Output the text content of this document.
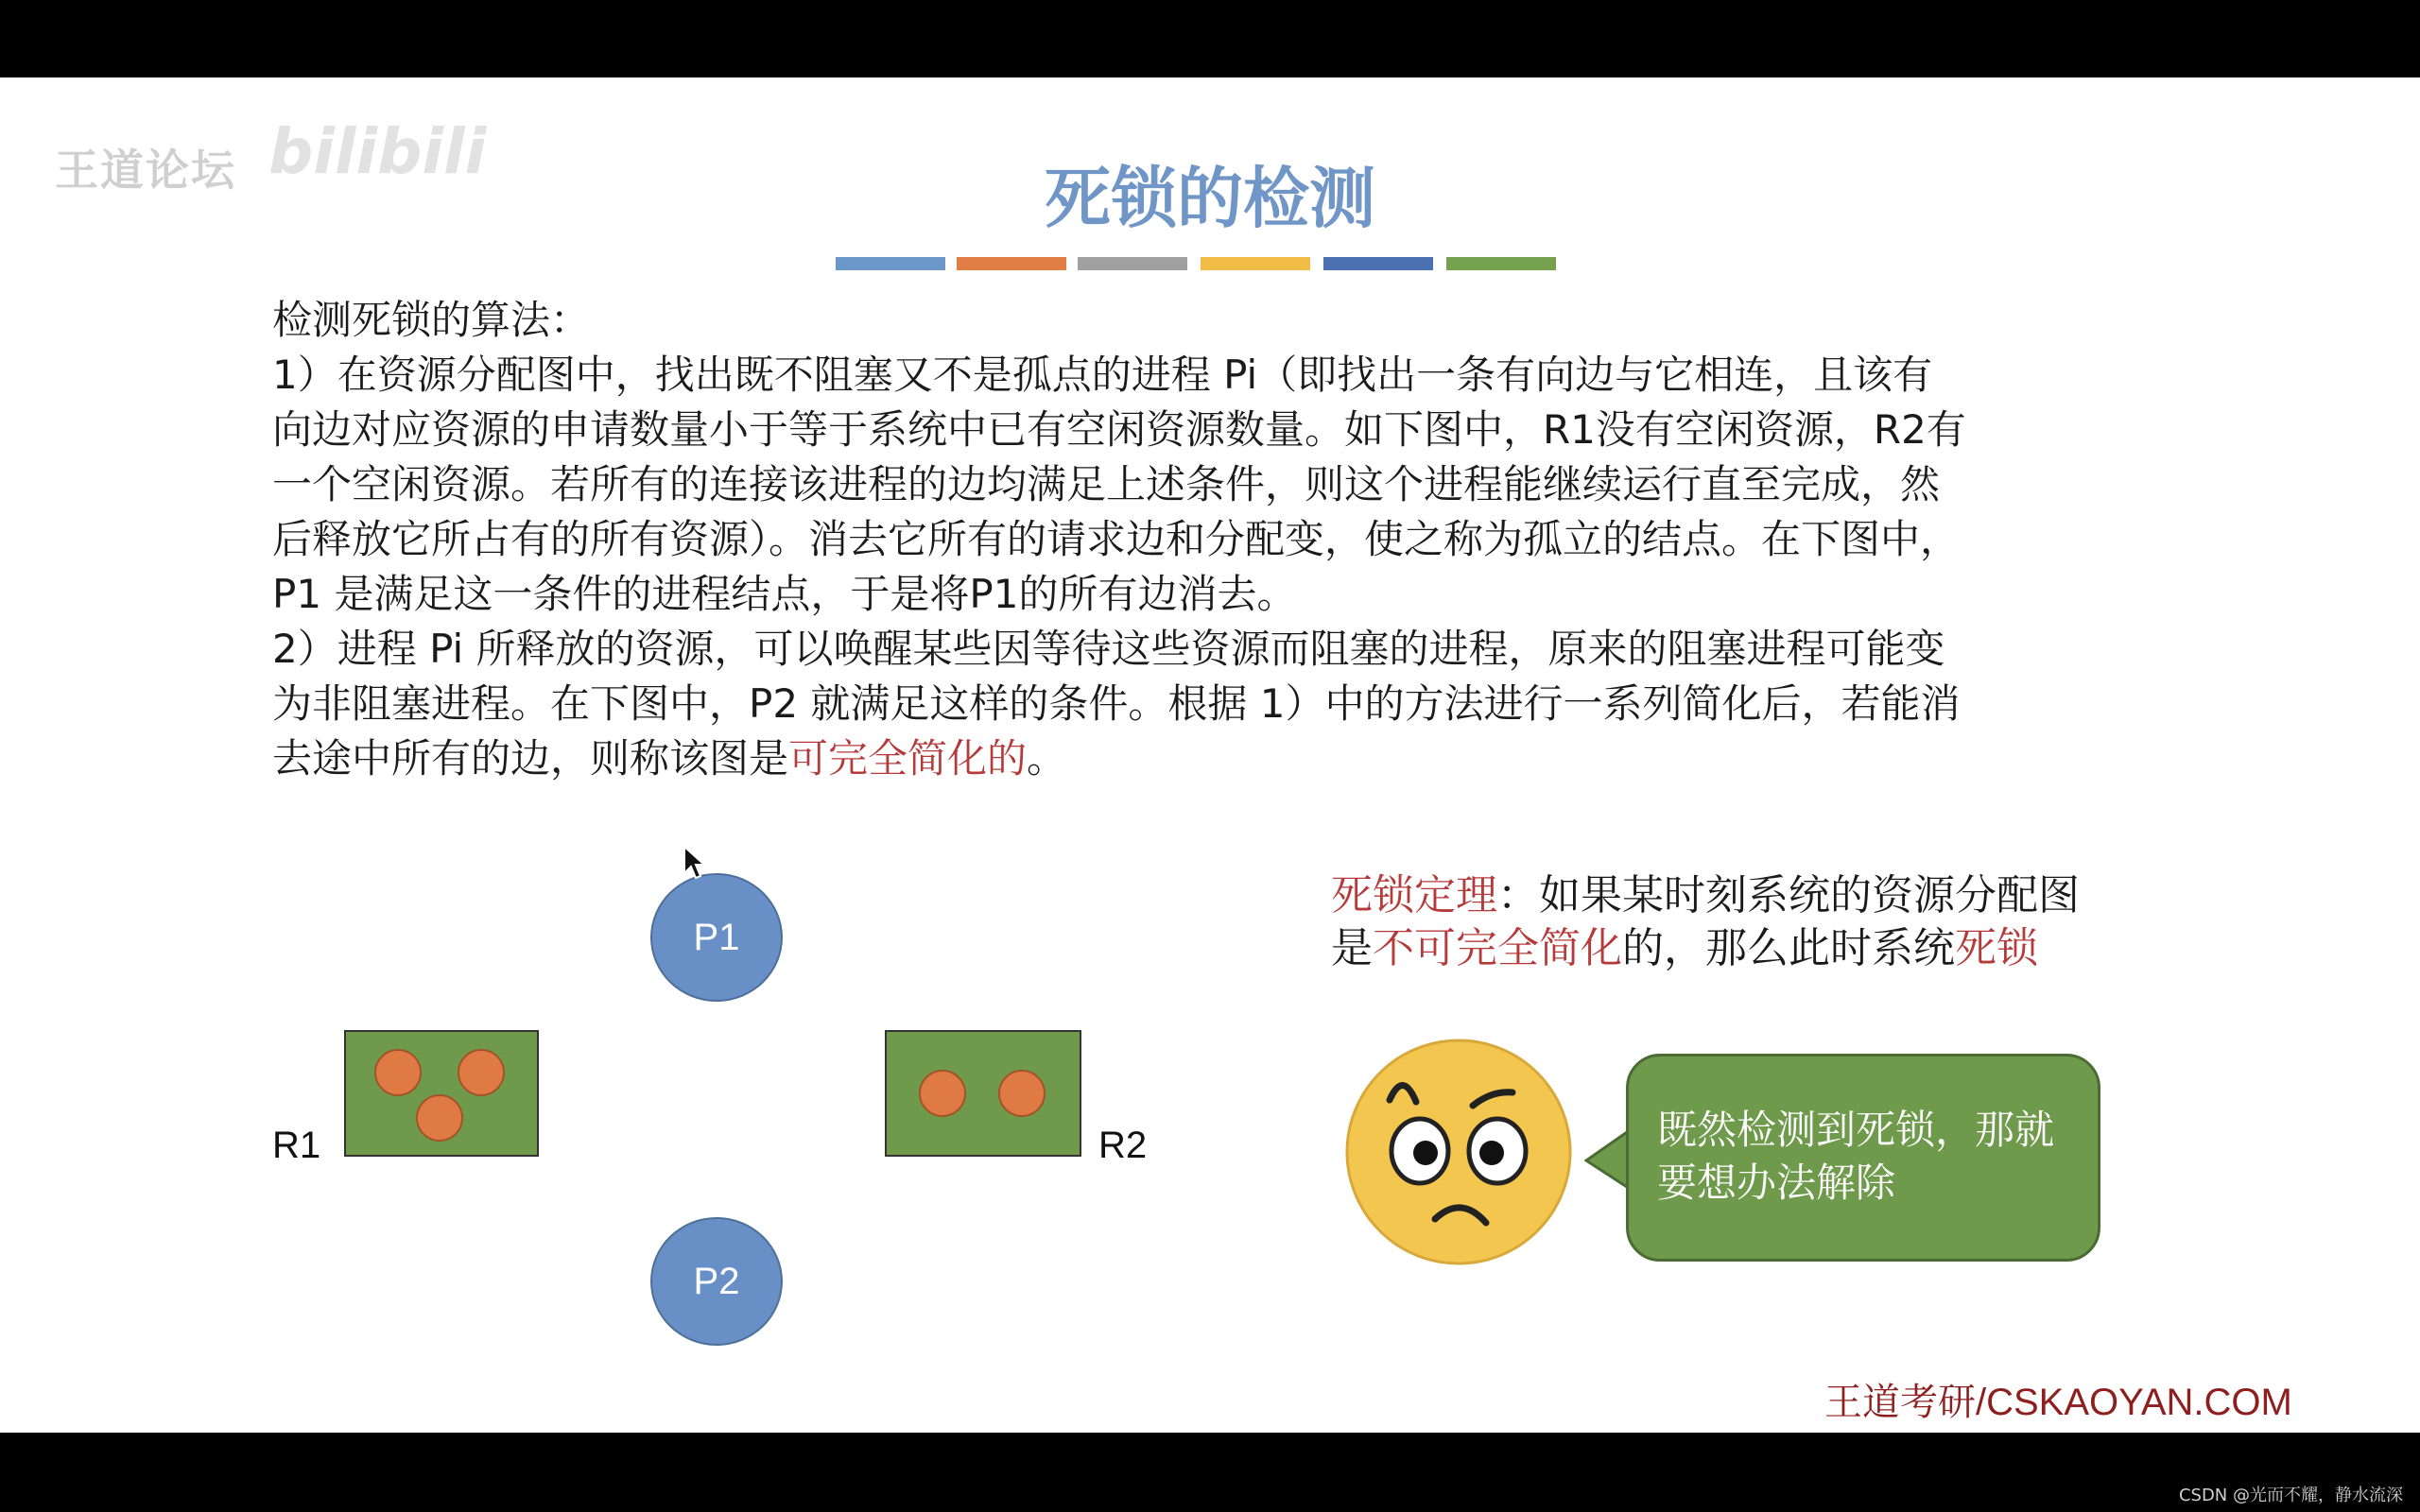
王道论坛 bilibili
死锁的检测

检测死锁的算法：

1）在资源分配图中，找出既不阻塞又不是孤点的进程 Pi（即找出一条有向边与它相连，且该有

向边对应资源的申请数量小于等于系统中已有空闲资源数量。如下图中，R1没有空闲资源，R2有

一个空闲资源。若所有的连接该进程的边均满足上述条件，则这个进程能继续运行直至完成，然

后释放它所占有的所有资源）。消去它所有的请求边和分配变，使之称为孤立的结点。在下图中，

P1 是满足这一条件的进程结点，于是将P1的所有边消去。

2）进程 Pi 所释放的资源，可以唤醒某些因等待这些资源而阻塞的进程，原来的阻塞进程可能变

为非阻塞进程。在下图中，P2 就满足这样的条件。根据 1）中的方法进行一系列简化后，若能消

去途中所有的边，则称该图是可完全简化的。

P1
P2
R1	R2

死锁定理：如果某时刻系统的资源分配图

是不可完全简化的，那么此时系统死锁

既然检测到死锁，那就要想办法解除
王道考研/CSKAOYAN.COM
CSDN @光而不耀，静水流深
